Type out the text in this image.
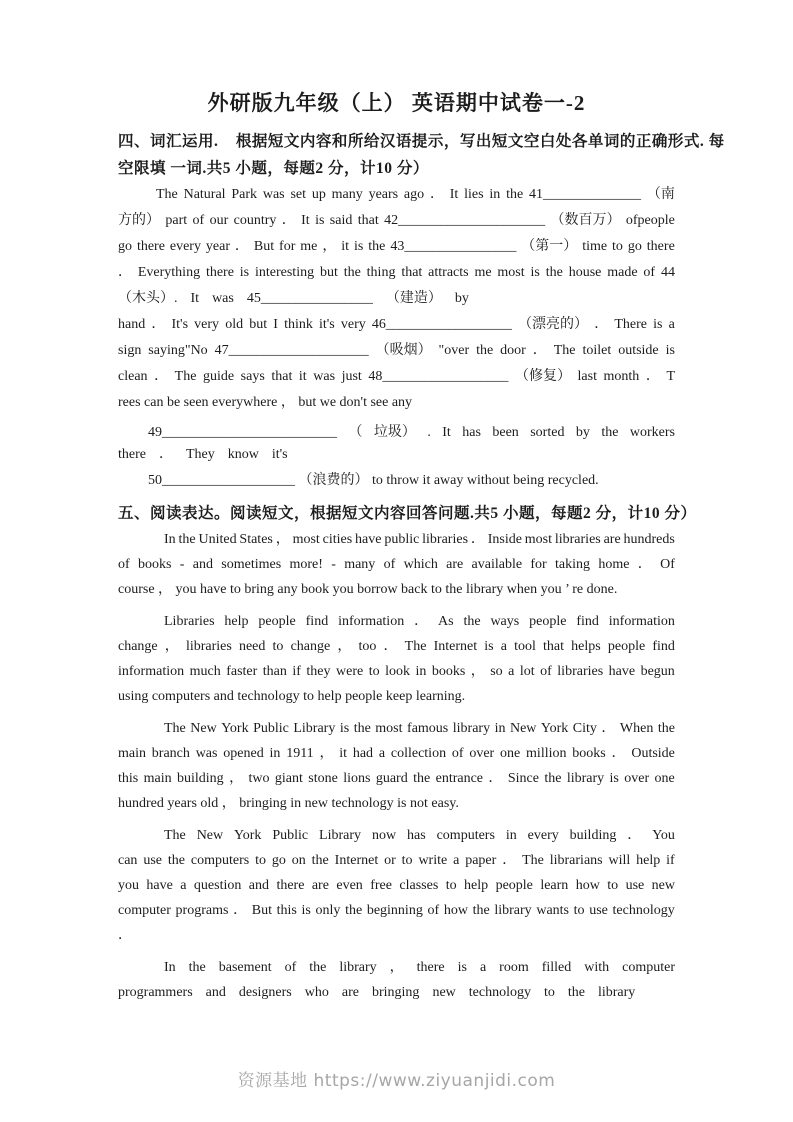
外研版九年级（上） 英语期中试卷一-2
四、词汇运用.    根据短文内容和所给汉语提示，写出短文空白处各单词的正确形式. 每
空限填 一词.共5 小题，每题2 分，计10 分）
The Natural Park was set up many years ago ． It lies in the 41______________ （南
方的） part of our country ． It is said that 42_____________________ （数百万） ofpeople
go there every year ． But for me ， it is the 43________________ （第一） time to go there
． Everything there is interesting but the thing that attracts me most is the house made of 44
（木头）. It was 45________________ （建造） by
hand ． It's very old but I think it's very 46__________________ （漂亮的） ． There is a
sign saying"No 47____________________ （吸烟） "over the door ． The toilet outside is
clean ． The guide says that it was just 48__________________ （修复） last month ． T
rees can be seen everywhere ， but we don't see any
49_________________________ （ 垃圾） . It has been sorted by the workers
there ． They know it's
50___________________ （浪费的） to throw it away without being recycled.
五、阅读表达。阅读短文，根据短文内容回答问题.共5 小题，每题2 分，计10 分）
In the United States ， most cities have public libraries ． Inside most libraries are hundreds
of books - and sometimes more! - many of which are available for taking home ． Of
course ， you have to bring any book you borrow back to the library when you ’ re done.
Libraries help people find information ． As the ways people find information
change ， libraries need to change ， too ． The Internet is a tool that helps people find
information much faster than if they were to look in books ， so a lot of libraries have begun
using computers and technology to help people keep learning.
The New York Public Library is the most famous library in New York City ． When the
main branch was opened in 1911 ， it had a collection of over one million books ． Outside
this main building ， two giant stone lions guard the entrance ． Since the library is over one
hundred years old ， bringing in new technology is not easy.
The New York Public Library now has computers in every building ． You
can use the computers to go on the Internet or to write a paper ． The librarians will help if
you have a question and there are even free classes to help people learn how to use new
computer programs ． But this is only the beginning of how the library wants to use technology
．
In the basement of the library ， there is a room filled with computer
programmers and designers who are bringing new technology to the library
资源基地 https://www.ziyuanjidi.com
